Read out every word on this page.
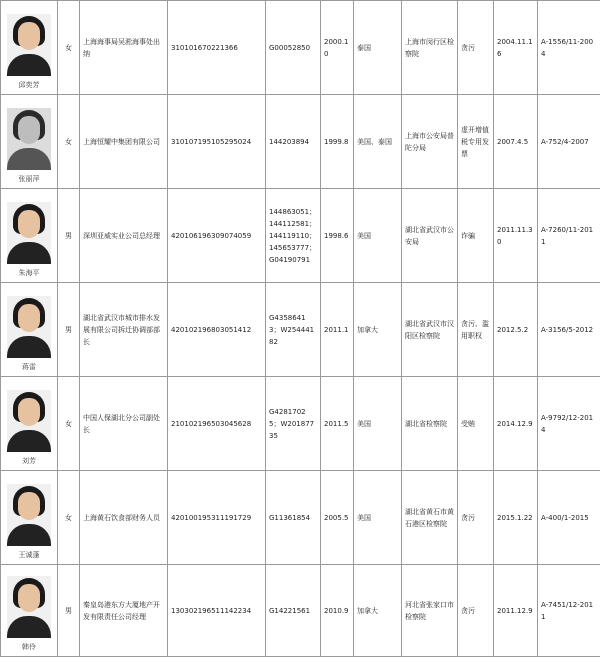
邱奕芳	女	上海海事局吴淞海事处出纳	310101670221366	G00052850	2000.10	泰国	上海市闵行区检察院	贪污	2004.11.16	A-1556/11-2004

张丽萍	女	上海恒耀中集团有限公司	310107195105295024	144203894	1999.8	美国、泰国	上海市公安局普陀分局	虚开增值税专用发票	2007.4.5	A-752/4-2007

朱海平	男	深圳亚威实业公司总经理	420106196309074059	144863051；144112581；144119110；145653777；G04190791	1998.6	美国	湖北省武汉市公安局	诈骗	2011.11.30	A-7260/11-2011

蒋雷	男	湖北省武汉市城市排水发展有限公司拆迁协调部部长	420102196803051412	G43586413；W25444182	2011.1	加拿大	湖北省武汉市汉阳区检察院	贪污、滥用职权	2012.5.2	A-3156/5-2012

刘芳	女	中国人保湖北分公司副处长	210102196503045628	G42817025；W20187735	2011.5	美国	湖北省检察院	受贿	2014.12.9	A-9792/12-2014

王诚蓬	女	上海黄石饮食部财务人员	420100195311191729	G11361854	2005.5	美国	湖北省黄石市黄石港区检察院	贪污	2015.1.22	A-400/1-2015

韩伶	男	秦皇岛港东方大厦地产开发有限责任公司经理	130302196511142234	G14221561	2010.9	加拿大	河北省张家口市检察院	贪污	2011.12.9	A-7451/12-2011
